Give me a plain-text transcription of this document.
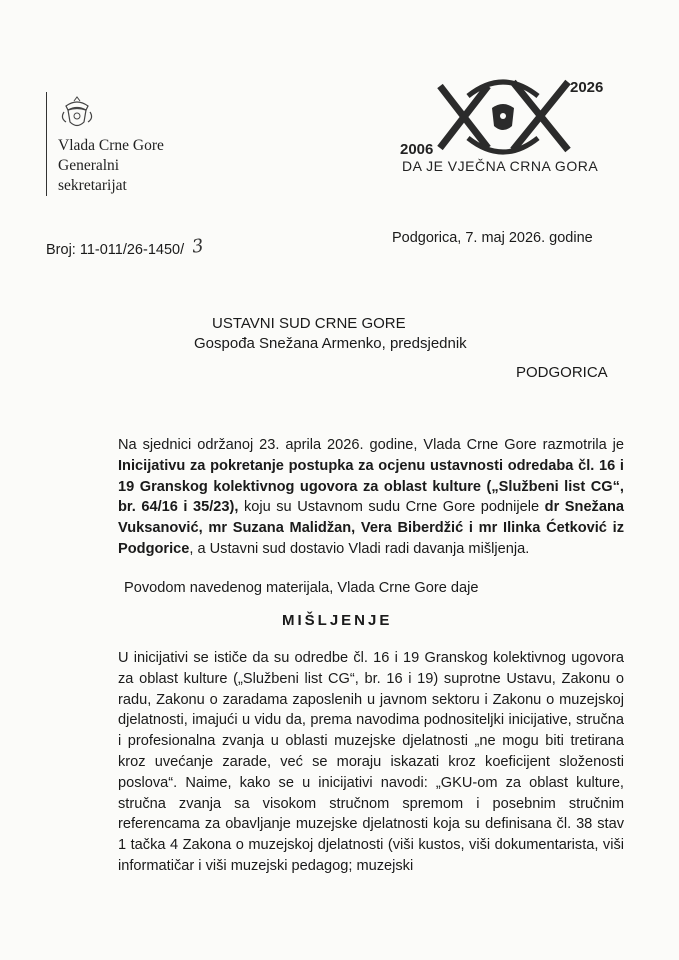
Vlada Crne Gore
Generalni
sekretarijat
2026
2006
DA JE VJEČNA CRNA GORA
Broj: 11-011/26-1450/ 3	Podgorica, 7. maj 2026. godine
USTAVNI SUD CRNE GORE
Gospođa Snežana Armenko, predsjednik
PODGORICA

Na sjednici održanoj 23. aprila 2026. godine, Vlada Crne Gore razmotrila je Inicijativu za pokretanje postupka za ocjenu ustavnosti odredaba čl. 16 i 19 Granskog kolektivnog ugovora za oblast kulture („Službeni list CG“, br. 64/16 i 35/23), koju su Ustavnom sudu Crne Gore podnijele dr Snežana Vuksanović, mr Suzana Malidžan, Vera Biberdžić i mr Ilinka Ćetković iz Podgorice, a Ustavni sud dostavio Vladi radi davanja mišljenja.

Povodom navedenog materijala, Vlada Crne Gore daje
MIŠLJENJE
U inicijativi se ističe da su odredbe čl. 16 i 19 Granskog kolektivnog ugovora za oblast kulture („Službeni list CG“, br. 16 i 19) suprotne Ustavu, Zakonu o radu, Zakonu o zaradama zaposlenih u javnom sektoru i Zakonu o muzejskoj djelatnosti, imajući u vidu da, prema navodima podnositeljki inicijative, stručna i profesionalna zvanja u oblasti muzejske djelatnosti „ne mogu biti tretirana kroz uvećanje zarade, već se moraju iskazati kroz koeficijent složenosti poslova“. Naime, kako se u inicijativi navodi: „GKU-om za oblast kulture, stručna zvanja sa visokom stručnom spremom i posebnim stručnim referencama za obavljanje muzejske djelatnosti koja su definisana čl. 38 stav 1 tačka 4 Zakona o muzejskoj djelatnosti (viši kustos, viši dokumentarista, viši informatičar i viši muzejski pedagog; muzejski
